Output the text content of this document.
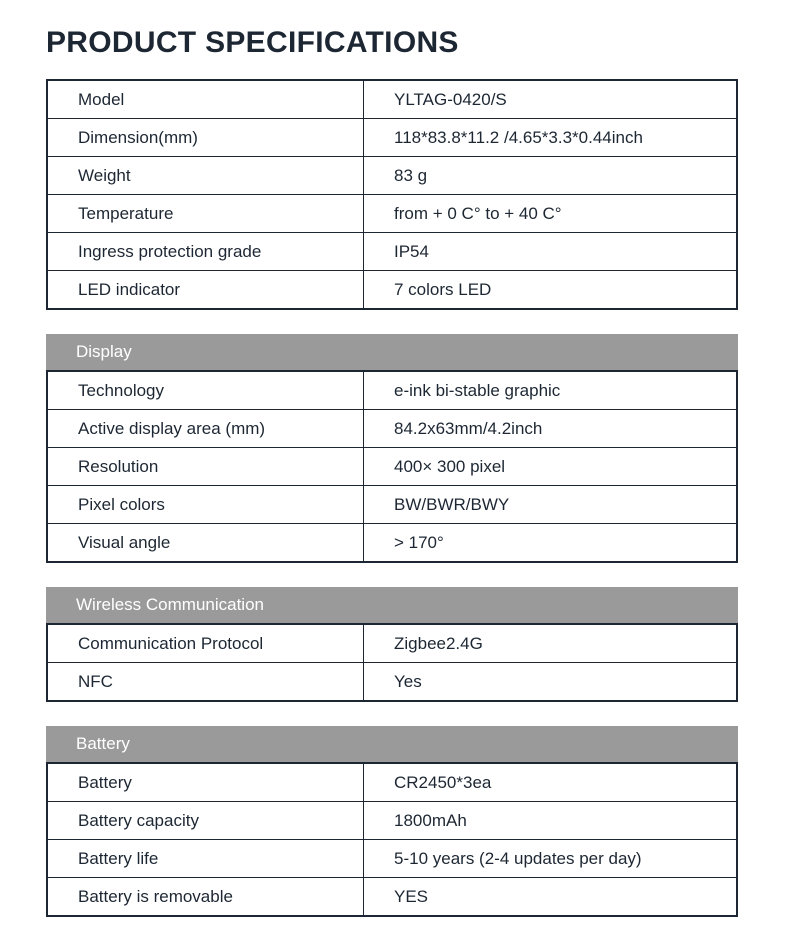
PRODUCT SPECIFICATIONS
Model	YLTAG-0420/S
Dimension(mm)	118*83.8*11.2 /4.65*3.3*0.44inch
Weight	83 g
Temperature	from + 0 C° to + 40 C°
Ingress protection grade	IP54
LED indicator	7 colors LED
Display
Technology	e-ink bi-stable graphic
Active display area (mm)	84.2x63mm/4.2inch
Resolution	400× 300 pixel
Pixel colors	BW/BWR/BWY
Visual angle	> 170°
Wireless Communication
Communication Protocol	Zigbee2.4G
NFC	Yes
Battery
Battery	CR2450*3ea
Battery capacity	1800mAh
Battery life	5-10 years (2-4 updates per day)
Battery is removable	YES
